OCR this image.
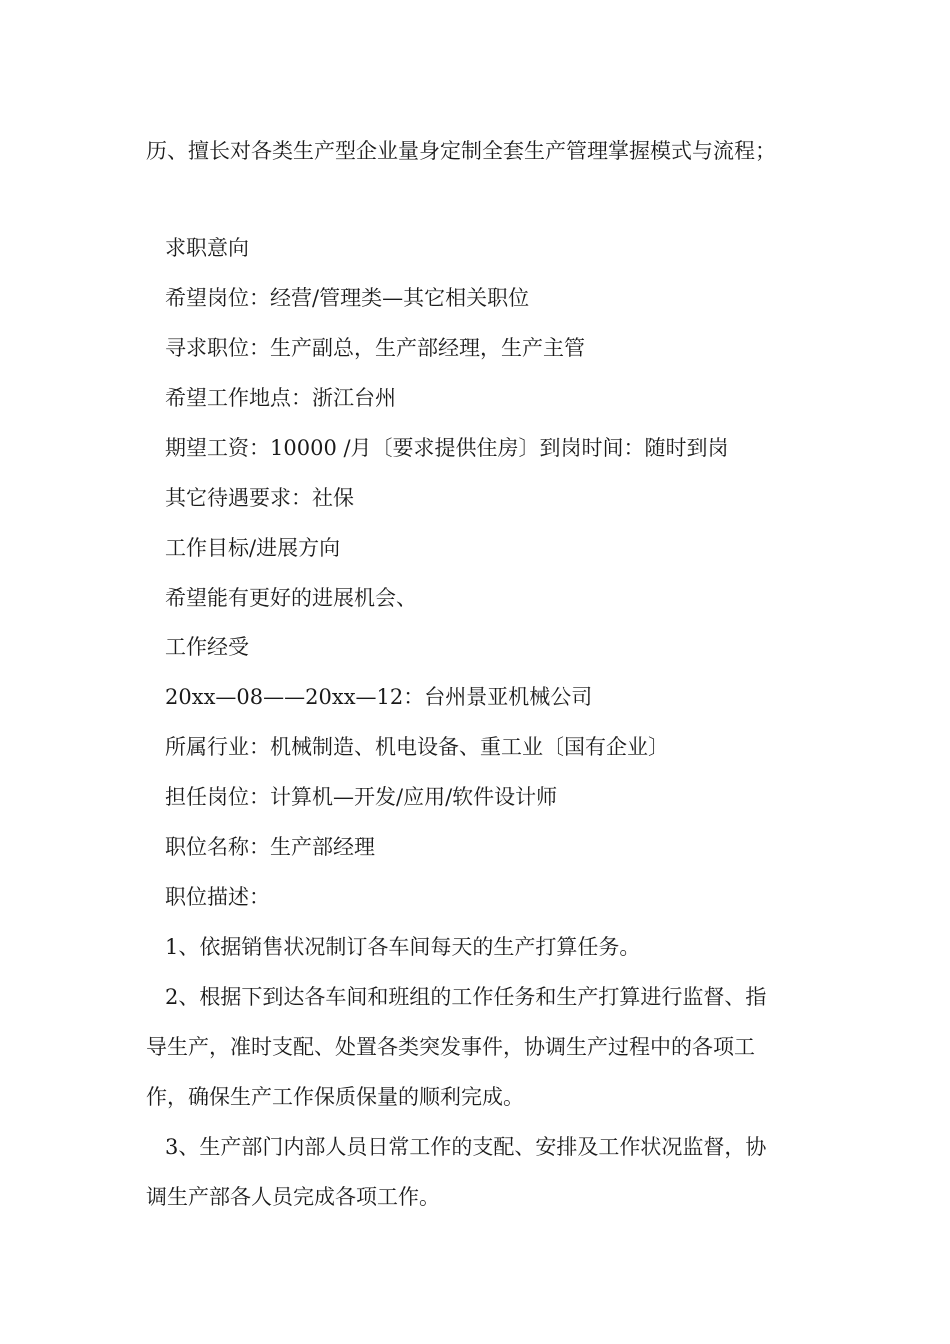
历、擅长对各类生产型企业量身定制全套生产管理掌握模式与流程；

求职意向

希望岗位：经营/管理类—其它相关职位

寻求职位：生产副总，生产部经理，生产主管

希望工作地点：浙江台州

期望工资：10000 /月〔要求提供住房〕到岗时间：随时到岗

其它待遇要求：社保

工作目标/进展方向

希望能有更好的进展机会、

工作经受

20xx—08——20xx—12：台州景亚机械公司

所属行业：机械制造、机电设备、重工业〔国有企业〕

担任岗位：计算机—开发/应用/软件设计师

职位名称：生产部经理

职位描述：

1、依据销售状况制订各车间每天的生产打算任务。

2、根据下到达各车间和班组的工作任务和生产打算进行监督、指

导生产，准时支配、处置各类突发事件，协调生产过程中的各项工

作，确保生产工作保质保量的顺利完成。

3、生产部门内部人员日常工作的支配、安排及工作状况监督，协

调生产部各人员完成各项工作。
